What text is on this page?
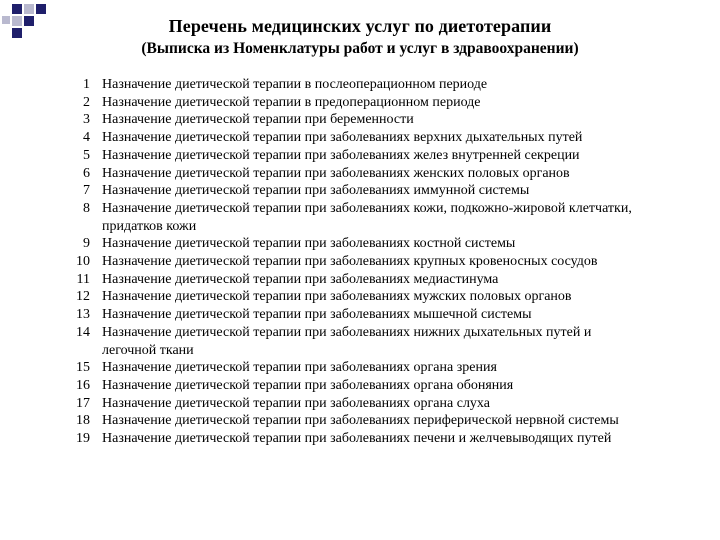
Перечень медицинских услуг по диетотерапии
(Выписка из Номенклатуры работ и услуг в здравоохранении)
1 Назначение диетической терапии в послеоперационном периоде
2 Назначение диетической терапии в предоперационном периоде
3 Назначение диетической терапии при беременности
4 Назначение диетической терапии при заболеваниях верхних дыхательных путей
5 Назначение диетической терапии при заболеваниях желез внутренней секреции
6 Назначение диетической терапии при заболеваниях женских половых органов
7 Назначение диетической терапии при заболеваниях иммунной системы
8 Назначение диетической терапии при заболеваниях кожи, подкожно-жировой клетчатки, придатков кожи
9 Назначение диетической терапии при заболеваниях костной системы
10 Назначение диетической терапии при заболеваниях крупных кровеносных сосудов
11 Назначение диетической терапии при заболеваниях медиастинума
12 Назначение диетической терапии при заболеваниях мужских половых органов
13 Назначение диетической терапии при заболеваниях мышечной системы
14 Назначение диетической терапии при заболеваниях нижних дыхательных путей и легочной ткани
15 Назначение диетической терапии при заболеваниях органа зрения
16 Назначение диетической терапии при заболеваниях органа обоняния
17 Назначение диетической терапии при заболеваниях органа слуха
18 Назначение диетической терапии при заболеваниях периферической нервной системы
19 Назначение диетической терапии при заболеваниях печени и желчевыводящих путей
